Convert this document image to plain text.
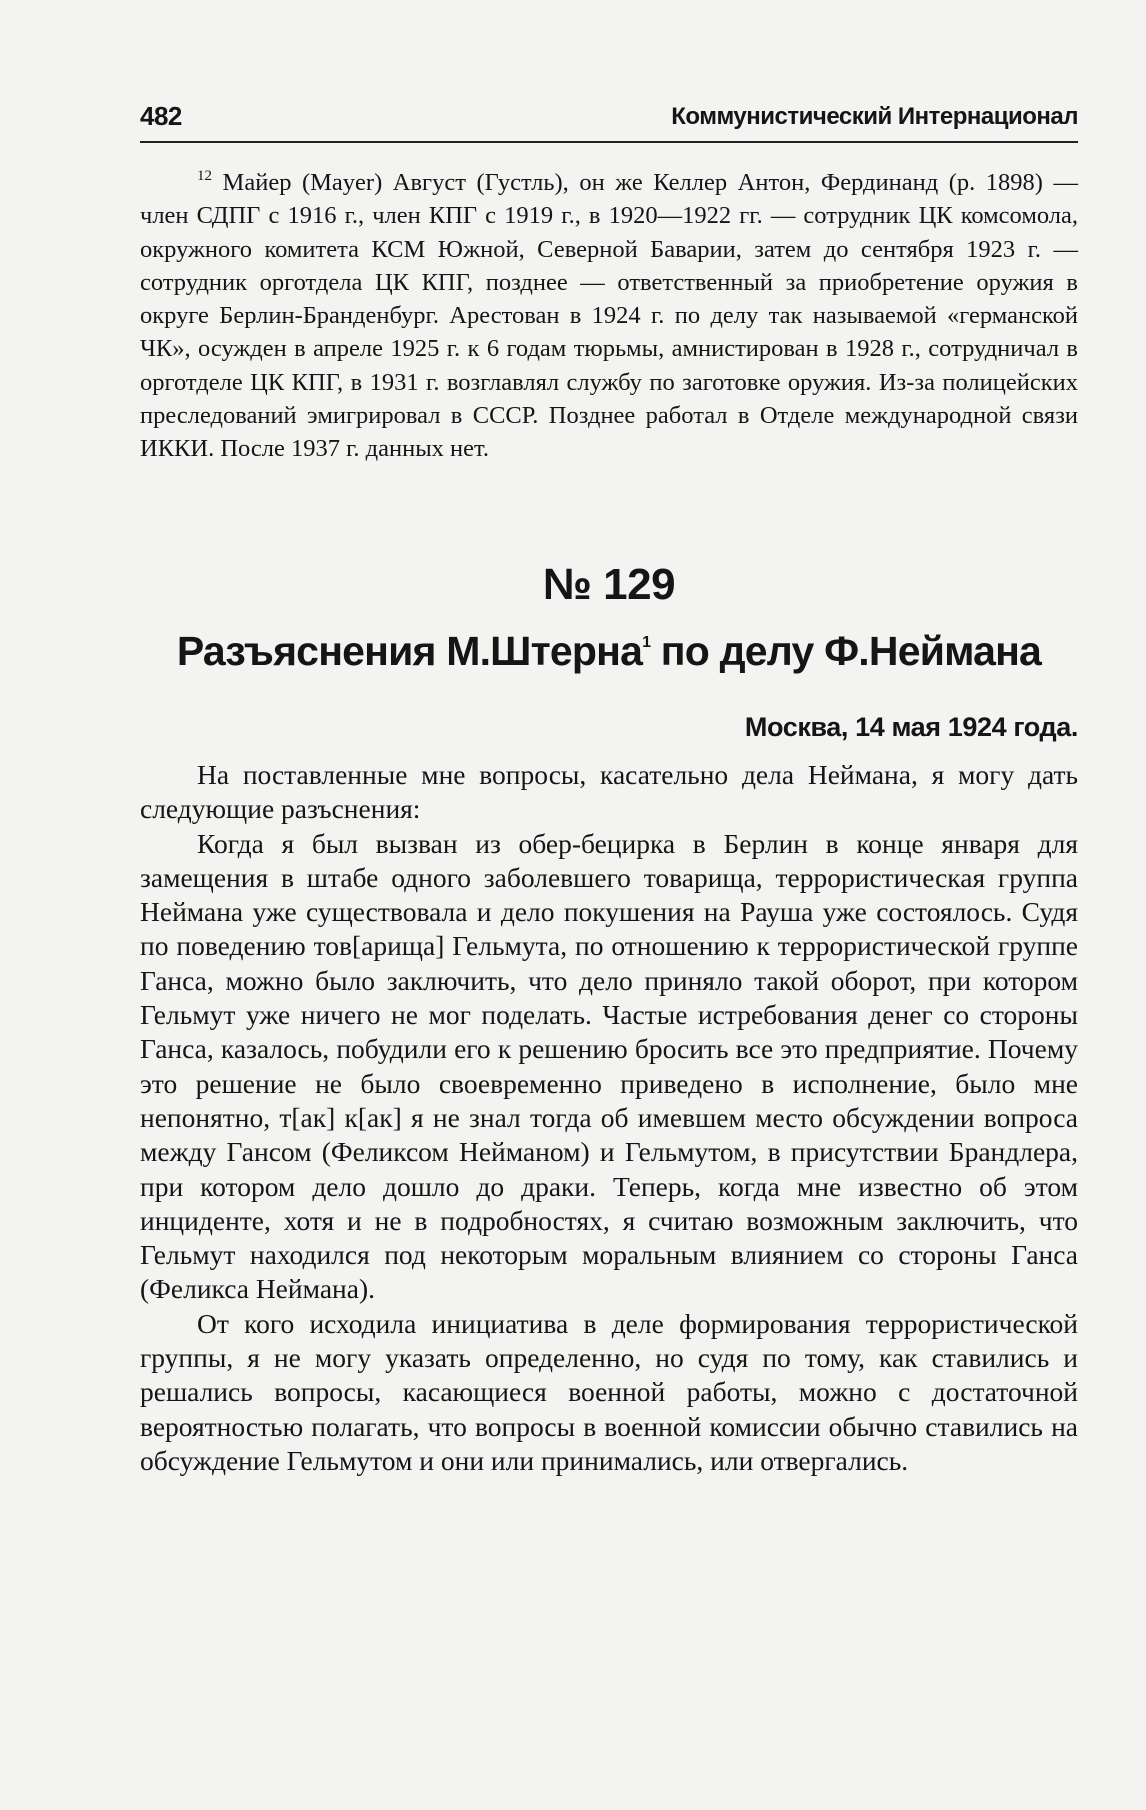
482	Коммунистический Интернационал
$^{12}$ Майер (Mayer) Август (Густль), он же Келлер Антон, Фердинанд (р. 1898) — член СДПГ с 1916 г., член КПГ с 1919 г., в 1920—1922 гг. — сотрудник ЦК комсомола, окружного комитета КСМ Южной, Северной Баварии, затем до сентября 1923 г. — сотрудник орготдела ЦК КПГ, позднее — ответственный за приобретение оружия в округе Берлин-Бранденбург. Арестован в 1924 г. по делу так называемой «германской ЧК», осужден в апреле 1925 г. к 6 годам тюрьмы, амнистирован в 1928 г., сотрудничал в орготделе ЦК КПГ, в 1931 г. возглавлял службу по заготовке оружия. Из-за полицейских преследований эмигрировал в СССР. Позднее работал в Отделе международной связи ИККИ. После 1937 г. данных нет.
№ 129
Разъяснения М.Штерна$^1$ по делу Ф.Неймана
Москва, 14 мая 1924 года.

На поставленные мне вопросы, касательно дела Неймана, я могу дать следующие разъснения:

Когда я был вызван из обер-бецирка в Берлин в конце января для замещения в штабе одного заболевшего товарища, террористическая группа Неймана уже существовала и дело покушения на Рауша уже состоялось. Судя по поведению тов[арища] Гельмута, по отношению к террористической группе Ганса, можно было заключить, что дело приняло такой оборот, при котором Гельмут уже ничего не мог поделать. Частые истребования денег со стороны Ганса, казалось, побудили его к решению бросить все это предприятие. Почему это решение не было своевременно приведено в исполнение, было мне непонятно, т[ак] к[ак] я не знал тогда об имевшем место обсуждении вопроса между Гансом (Феликсом Нейманом) и Гельмутом, в присутствии Брандлера, при котором дело дошло до драки. Теперь, когда мне известно об этом инциденте, хотя и не в подробностях, я считаю возможным заключить, что Гельмут находился под некоторым моральным влиянием со стороны Ганса (Феликса Неймана).

От кого исходила инициатива в деле формирования террористической группы, я не могу указать определенно, но судя по тому, как ставились и решались вопросы, касающиеся военной работы, можно с достаточной вероятностью полагать, что вопросы в военной комиссии обычно ставились на обсуждение Гельмутом и они или принимались, или отвергались.
